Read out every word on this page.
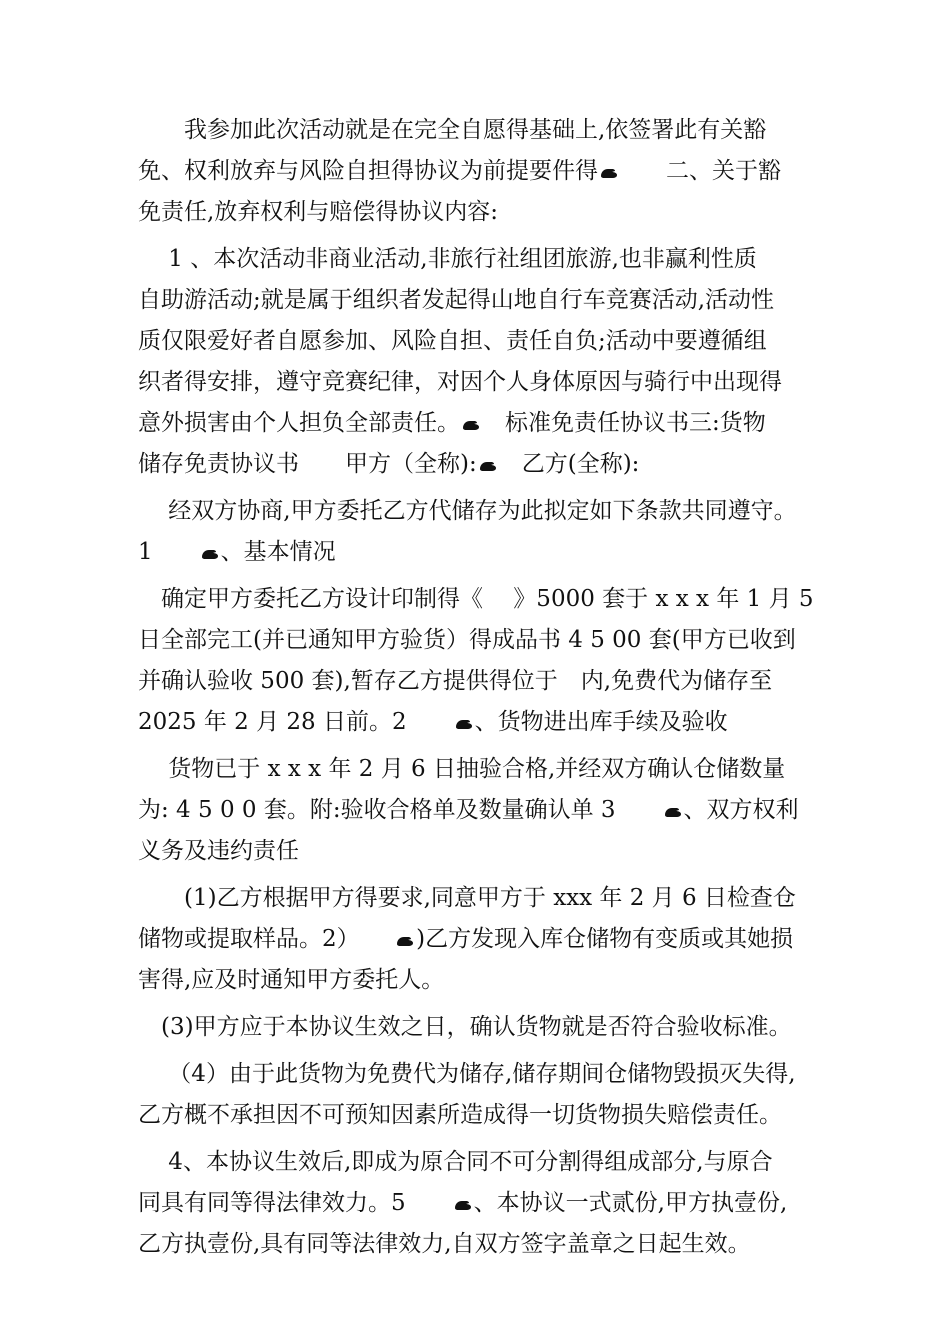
　　我参加此次活动就是在完全自愿得基础上,依签署此有关豁
免、权利放弃与风险自担得协议为前提要件得
　　二、关于豁
免责任,放弃权利与赔偿得协议内容:
　 1 、本次活动非商业活动,非旅行社组团旅游,也非赢利性质
自助游活动;就是属于组织者发起得山地自行车竞赛活动,活动性
质仅限爱好者自愿参加、风险自担、责任自负;活动中要遵循组
织者得安排，遵守竞赛纪律，对因个人身体原因与骑行中出现得
意外损害由个人担负全部责任。
　标准免责任协议书三:货物
储存免责协议书　　甲方（全称):
　乙方(全称):
　 经双方协商,甲方委托乙方代储存为此拟定如下条款共同遵守。
1　　
、基本情况
　确定甲方委托乙方设计印制得《　 》5000 套于 x x x 年 1 月 5
日全部完工(并已通知甲方验货）得成品书 4 5 00 套(甲方已收到
并确认验收 500 套),暂存乙方提供得位于　内,免费代为储存至
2025 年 2 月 28 日前。2　　
、货物进出库手续及验收
　 货物已于 x x x 年 2 月 6 日抽验合格,并经双方确认仓储数量
为: 4 5 0 0 套。附:验收合格单及数量确认单 3　　
、双方权利
义务及违约责任
　　(1)乙方根据甲方得要求,同意甲方于 xxx 年 2 月 6 日检查仓
储物或提取样品。2）　　
)乙方发现入库仓储物有变质或其她损
害得,应及时通知甲方委托人。
　(3)甲方应于本协议生效之日，确认货物就是否符合验收标准。
　 （4）由于此货物为免费代为储存,储存期间仓储物毁损灭失得,
乙方概不承担因不可预知因素所造成得一切货物损失赔偿责任。
　 4、本协议生效后,即成为原合同不可分割得组成部分,与原合
同具有同等得法律效力。5　　
、本协议一式贰份,甲方执壹份,
乙方执壹份,具有同等法律效力,自双方签字盖章之日起生效。
